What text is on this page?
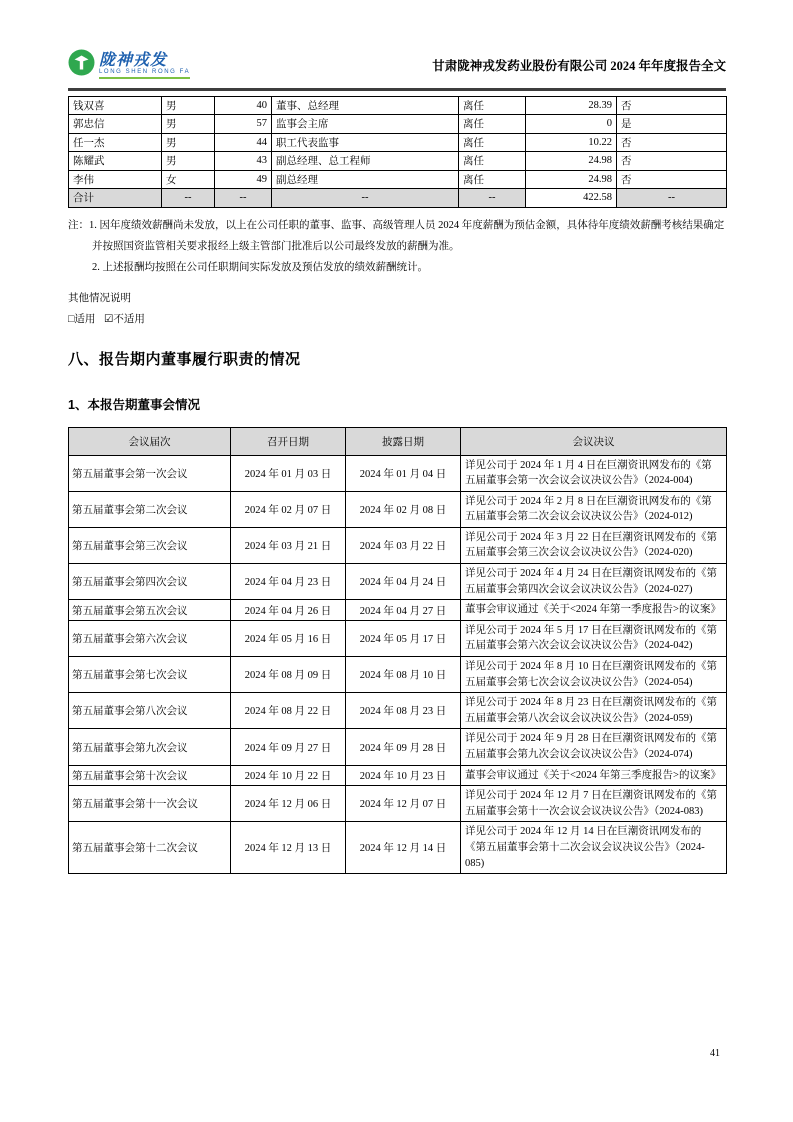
陇神戎发
LONG SHEN RONG FA	甘肃陇神戎发药业股份有限公司 2024 年年度报告全文
钱双喜	男	40	董事、总经理	离任	28.39	否
郭忠信	男	57	监事会主席	离任	0	是
任一杰	男	44	职工代表监事	离任	10.22	否
陈耀武	男	43	副总经理、总工程师	离任	24.98	否
李伟	女	49	副总经理	离任	24.98	否
合计	--	--	--	--	422.58	--

注：1. 因年度绩效薪酬尚未发放，以上在公司任职的董事、监事、高级管理人员 2024 年度薪酬为预估金额，具体待年度绩效薪酬考核结果确定并按照国资监管相关要求报经上级主管部门批准后以公司最终发放的薪酬为准。

2. 上述报酬均按照在公司任职期间实际发放及预估发放的绩效薪酬统计。

其他情况说明

□适用 ☑不适用

八、报告期内董事履行职责的情况
1、本报告期董事会情况
会议届次	召开日期	披露日期	会议决议
第五届董事会第一次会议	2024 年 01 月 03 日	2024 年 01 月 04 日	详见公司于 2024 年 1 月 4 日在巨潮资讯网发布的《第五届董事会第一次会议会议决议公告》（2024-004)
第五届董事会第二次会议	2024 年 02 月 07 日	2024 年 02 月 08 日	详见公司于 2024 年 2 月 8 日在巨潮资讯网发布的《第五届董事会第二次会议会议决议公告》（2024-012)
第五届董事会第三次会议	2024 年 03 月 21 日	2024 年 03 月 22 日	详见公司于 2024 年 3 月 22 日在巨潮资讯网发布的《第五届董事会第三次会议会议决议公告》（2024-020)
第五届董事会第四次会议	2024 年 04 月 23 日	2024 年 04 月 24 日	详见公司于 2024 年 4 月 24 日在巨潮资讯网发布的《第五届董事会第四次会议会议决议公告》（2024-027)
第五届董事会第五次会议	2024 年 04 月 26 日	2024 年 04 月 27 日	董事会审议通过《关于<2024 年第一季度报告>的议案》
第五届董事会第六次会议	2024 年 05 月 16 日	2024 年 05 月 17 日	详见公司于 2024 年 5 月 17 日在巨潮资讯网发布的《第五届董事会第六次会议会议决议公告》（2024-042)
第五届董事会第七次会议	2024 年 08 月 09 日	2024 年 08 月 10 日	详见公司于 2024 年 8 月 10 日在巨潮资讯网发布的《第五届董事会第七次会议会议决议公告》（2024-054)
第五届董事会第八次会议	2024 年 08 月 22 日	2024 年 08 月 23 日	详见公司于 2024 年 8 月 23 日在巨潮资讯网发布的《第五届董事会第八次会议会议决议公告》（2024-059)
第五届董事会第九次会议	2024 年 09 月 27 日	2024 年 09 月 28 日	详见公司于 2024 年 9 月 28 日在巨潮资讯网发布的《第五届董事会第九次会议会议决议公告》（2024-074)
第五届董事会第十次会议	2024 年 10 月 22 日	2024 年 10 月 23 日	董事会审议通过《关于<2024 年第三季度报告>的议案》
第五届董事会第十一次会议	2024 年 12 月 06 日	2024 年 12 月 07 日	详见公司于 2024 年 12 月 7 日在巨潮资讯网发布的《第五届董事会第十一次会议会议决议公告》（2024-083)
第五届董事会第十二次会议	2024 年 12 月 13 日	2024 年 12 月 14 日	详见公司于 2024 年 12 月 14 日在巨潮资讯网发布的《第五届董事会第十二次会议会议决议公告》（2024-085)
41
